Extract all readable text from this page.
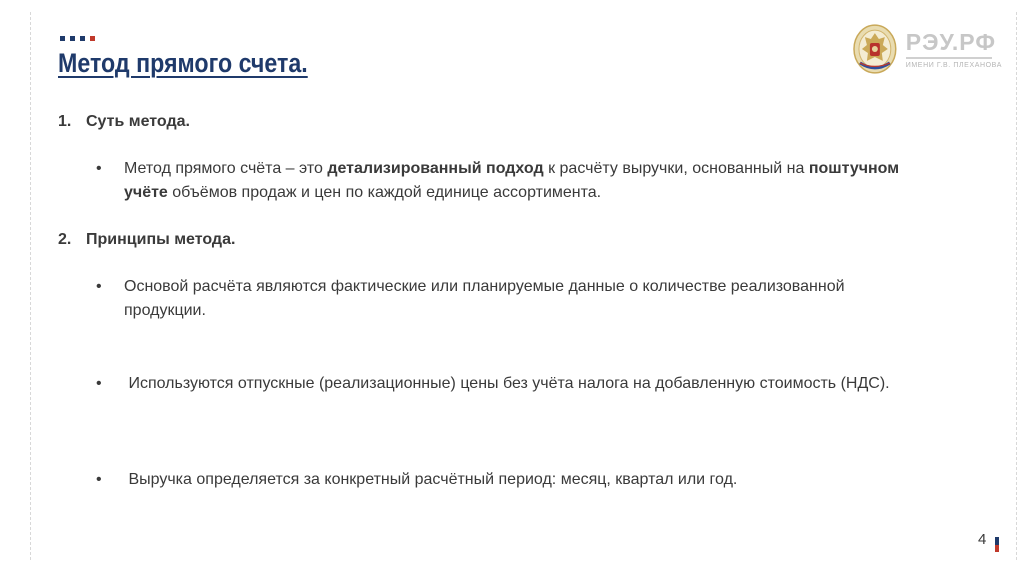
Метод прямого счета.
РЭУ.РФ
ИМЕНИ Г.В. ПЛЕХАНОВА
1. Суть метода.
• Метод прямого счёта – это детализированный подход к расчёту выручки, основанный на поштучном учёте объёмов продаж и цен по каждой единице ассортимента.
2. Принципы метода.
• Основой расчёта являются фактические или планируемые данные о количестве реализованной продукции.
• Используются отпускные (реализационные) цены без учёта налога на добавленную стоимость (НДС).
• Выручка определяется за конкретный расчётный период: месяц, квартал или год.
4
